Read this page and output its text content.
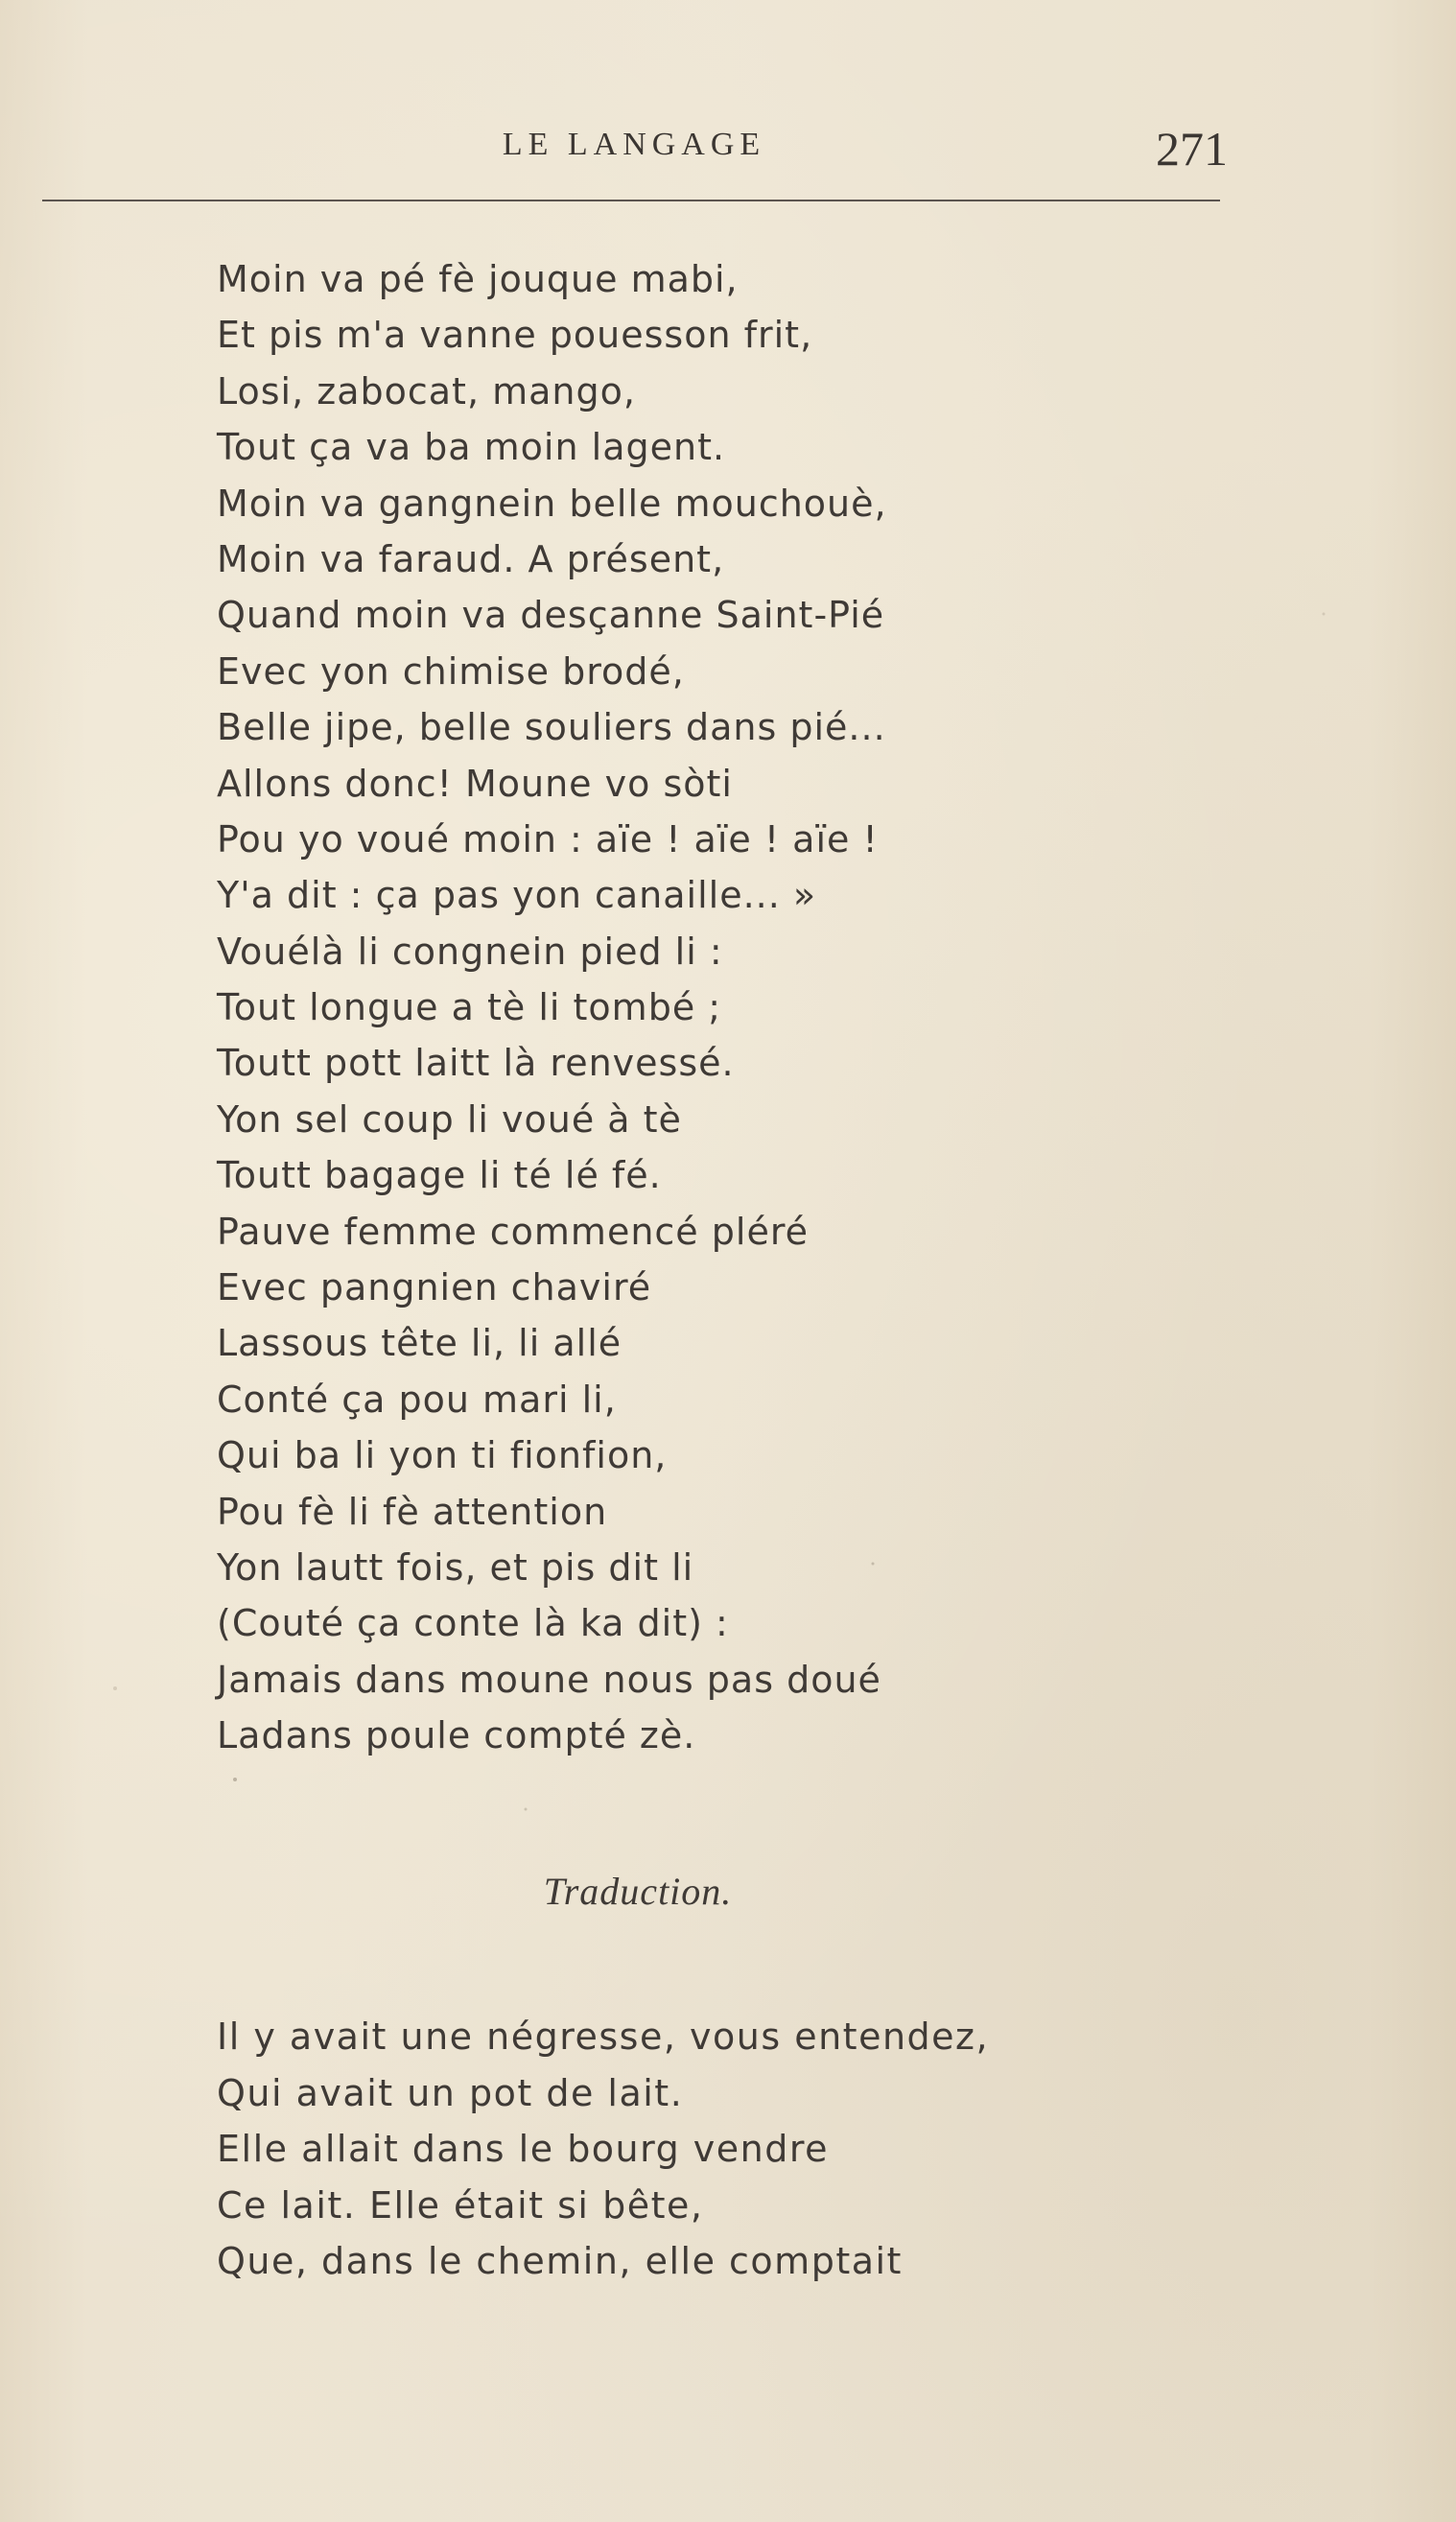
LE LANGAGE	271
Moin va pé fè jouque mabi,
Et pis m'a vanne pouesson frit,
Losi, zabocat, mango,
Tout ça va ba moin lagent.
Moin va gangnein belle mouchouè,
Moin va faraud. A présent,
Quand moin va desçanne Saint-Pié
Evec yon chimise brodé,
Belle jipe, belle souliers dans pié...
Allons donc! Moune vo sòti
Pou yo voué moin : aïe ! aïe ! aïe !
Y'a dit : ça pas yon canaille... »
Vouélà li congnein pied li :
Tout longue a tè li tombé ;
Toutt pott laitt là renvessé.
Yon sel coup li voué à tè
Toutt bagage li té lé fé.
Pauve femme commencé pléré
Evec pangnien chaviré
Lassous tête li, li allé
Conté ça pou mari li,
Qui ba li yon ti fionfion,
Pou fè li fè attention
Yon lautt fois, et pis dit li
(Couté ça conte là ka dit) :
Jamais dans moune nous pas doué
Ladans poule compté zè.
Traduction.
Il y avait une négresse, vous entendez,
Qui avait un pot de lait.
Elle allait dans le bourg vendre
Ce lait. Elle était si bête,
Que, dans le chemin, elle comptait
